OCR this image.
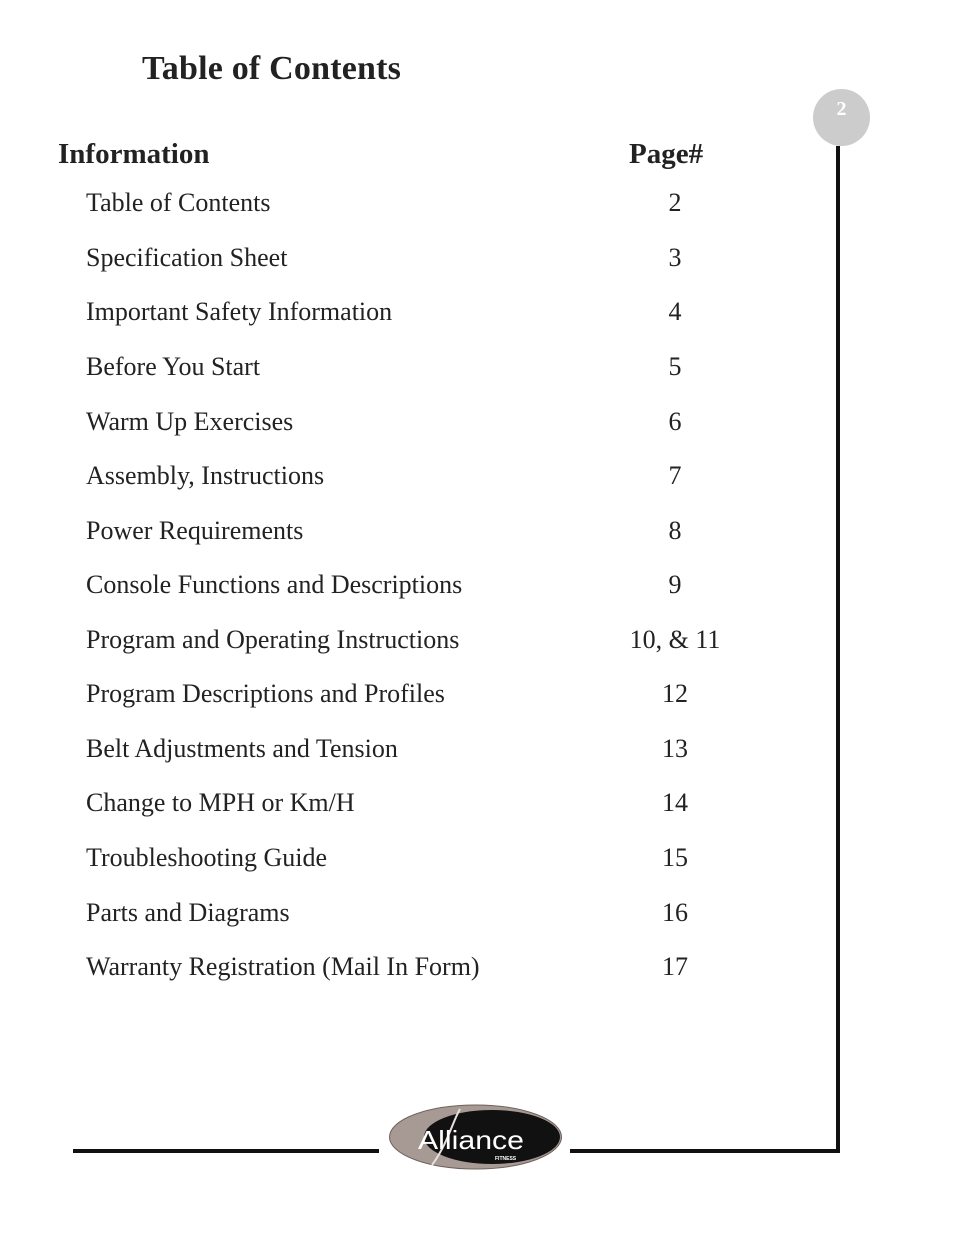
Table of Contents
2
Information	Page#
Table of Contents	2
Specification Sheet	3
Important Safety Information	4
Before You Start	5
Warm Up Exercises	6
Assembly, Instructions	7
Power Requirements	8
Console Functions and Descriptions	9
Program and Operating Instructions	10, & 11
Program Descriptions and Profiles	12
Belt Adjustments and Tension	13
Change to MPH or Km/H	14
Troubleshooting Guide	15
Parts and Diagrams	16
Warranty Registration (Mail In Form)	17
Alliance
FITNESS
